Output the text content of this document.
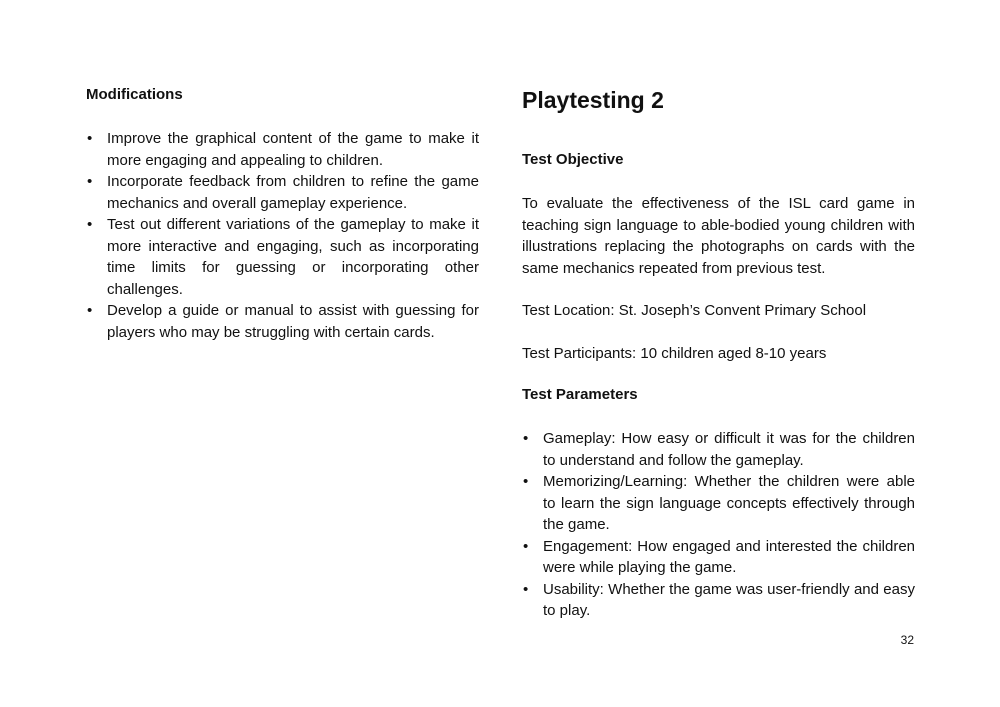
Modifications
• Improve the graphical content of the game to make it more engaging and appealing to children.
• Incorporate feedback from children to refine the game mechanics and overall gameplay experience.
• Test out different variations of the gameplay to make it more interactive and engaging, such as incorporating time limits for guessing or incorporating other challenges.
• Develop a guide or manual to assist with guessing for players who may be struggling with certain cards.
Playtesting 2
Test Objective

To evaluate the effectiveness of the ISL card game in teaching sign language to able-bodied young children with illustrations replacing the photographs on cards with the same mechanics repeated from previous test.

Test Location: St. Joseph’s Convent Primary School

Test Participants: 10 children aged 8-10 years

Test Parameters
• Gameplay: How easy or difficult it was for the children to understand and follow the gameplay.
• Memorizing/Learning: Whether the children were able to learn the sign language concepts effectively through the game.
• Engagement: How engaged and interested the children were while playing the game.
• Usability: Whether the game was user-friendly and easy to play.
32
